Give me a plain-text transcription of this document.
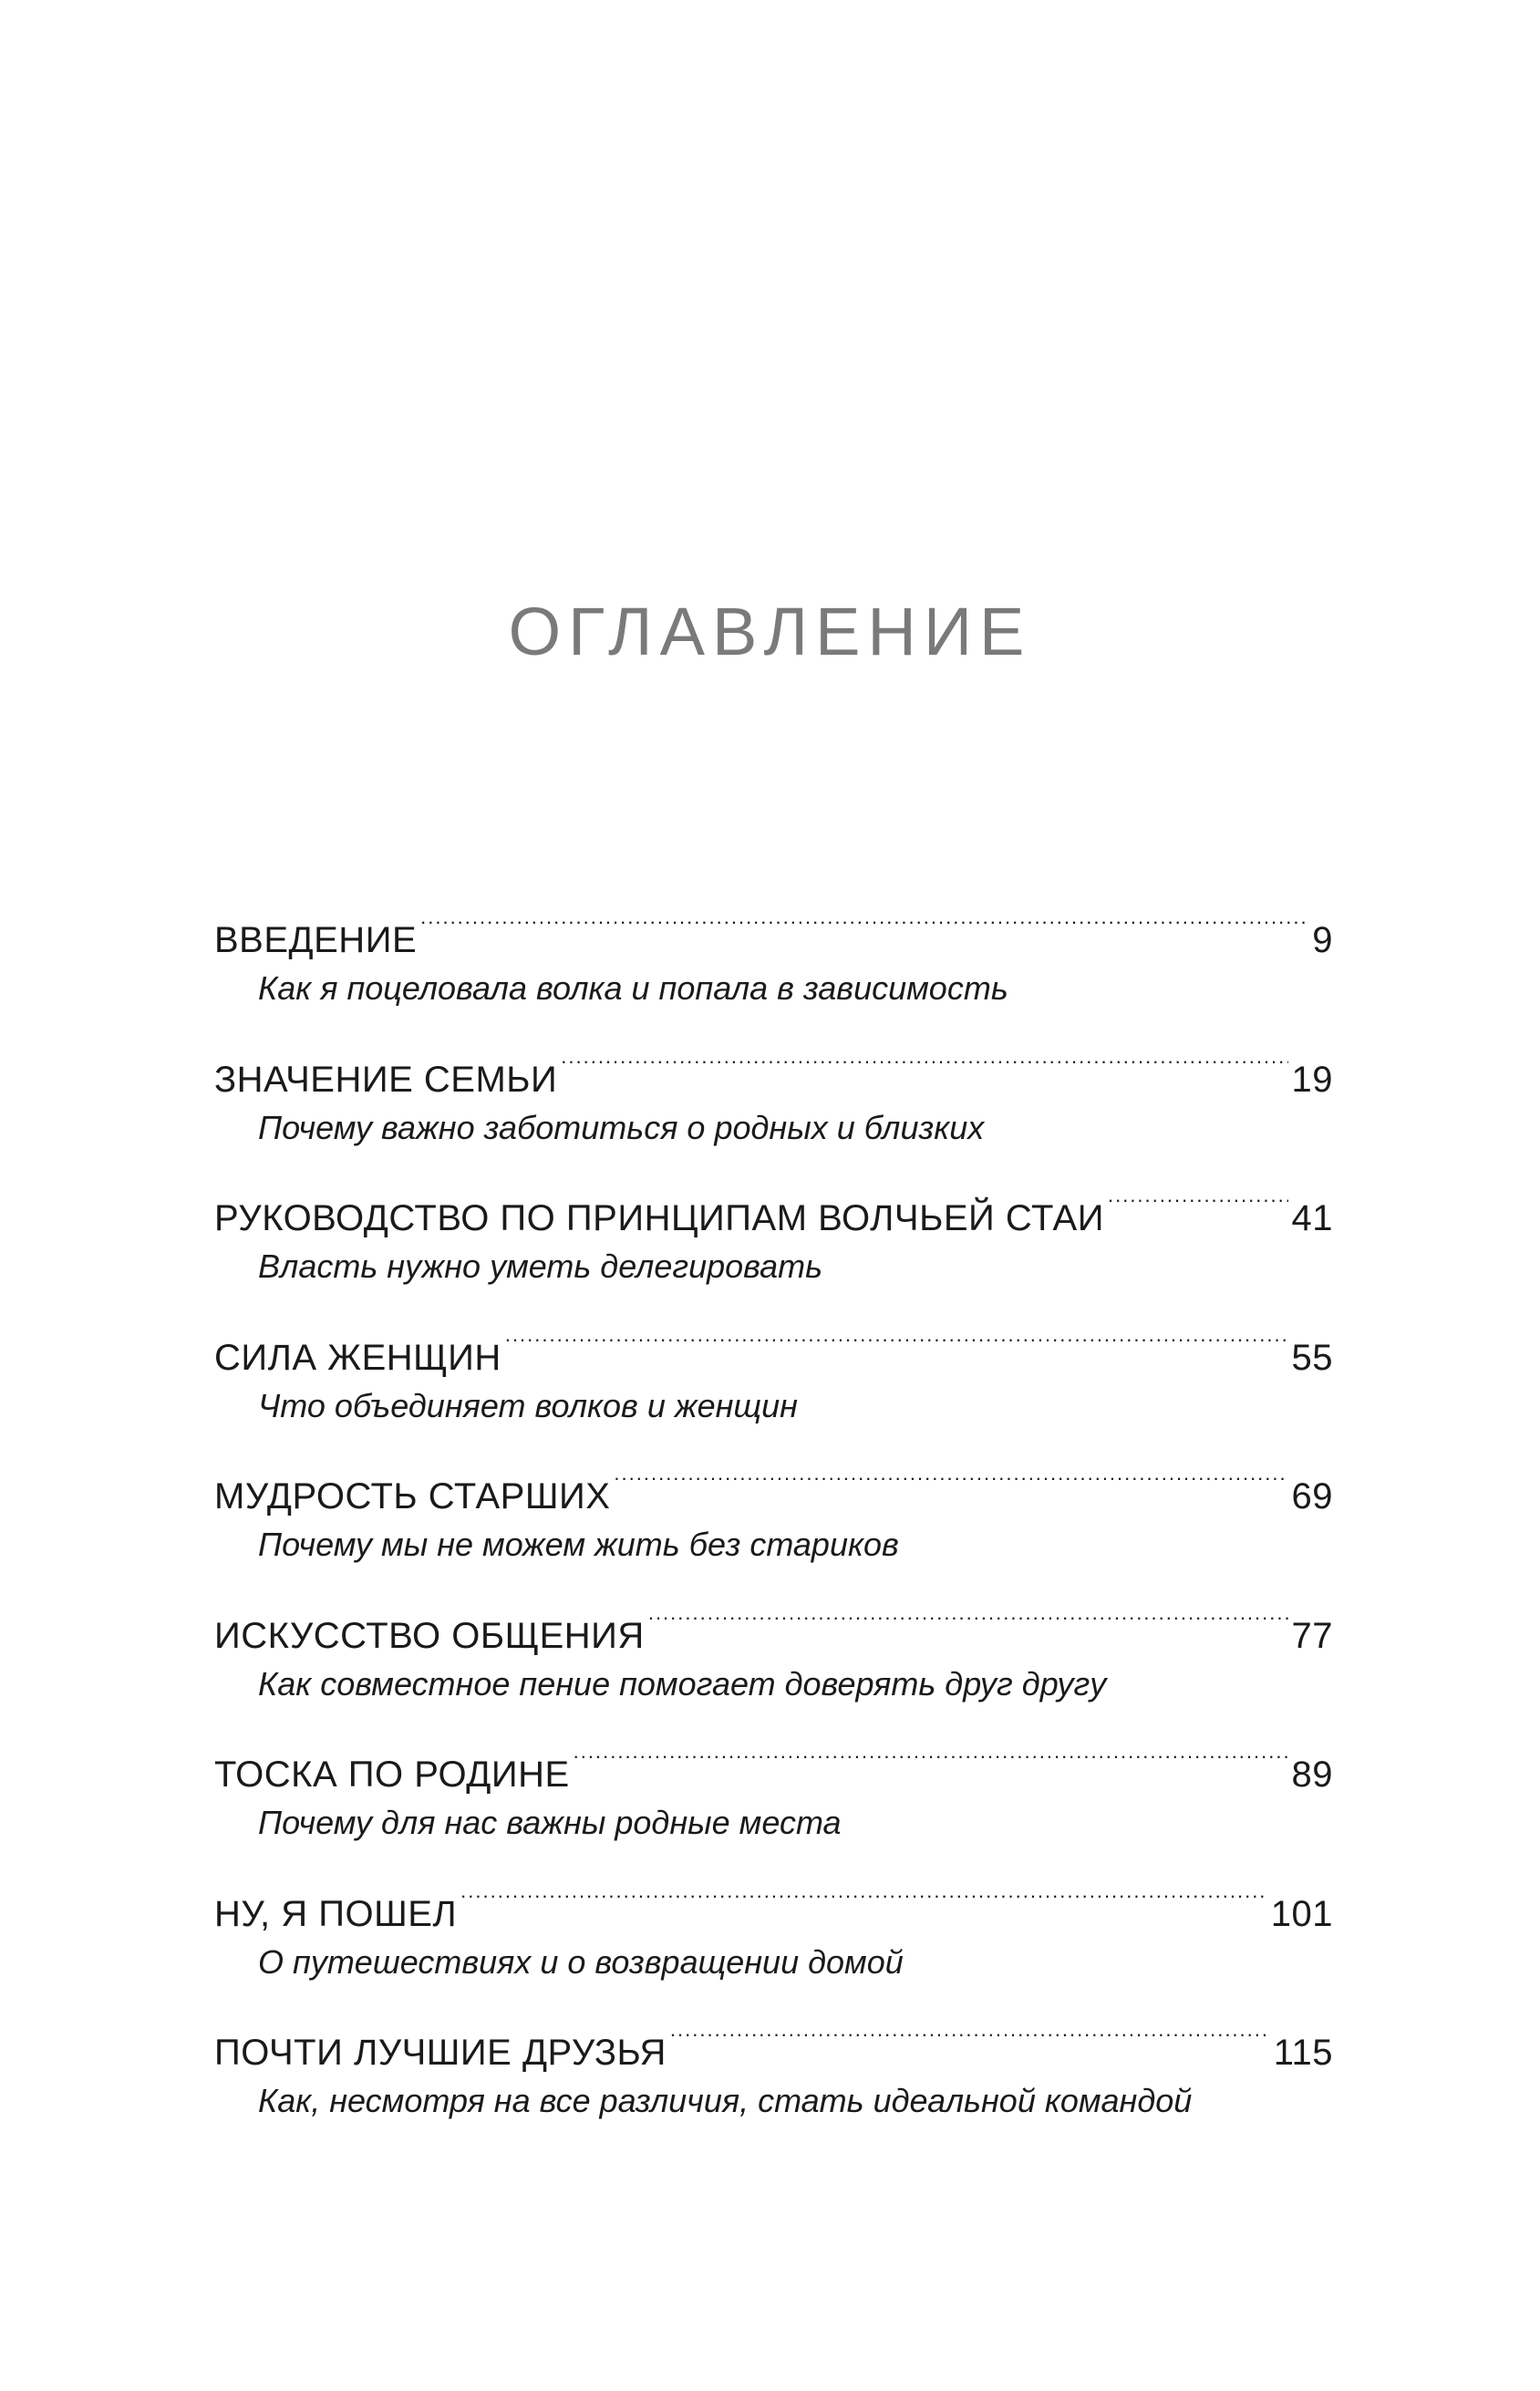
ОГЛАВЛЕНИЕ
ВВЕДЕНИЕ .....	9
Как я поцеловала волка и попала в зависимость
ЗНАЧЕНИЕ СЕМЬИ .....	19
Почему важно заботиться о родных и близких
РУКОВОДСТВО ПО ПРИНЦИПАМ ВОЛЧЬЕЙ СТАИ .....	41
Власть нужно уметь делегировать
СИЛА ЖЕНЩИН .....	55
Что объединяет волков и женщин
МУДРОСТЬ СТАРШИХ .....	69
Почему мы не можем жить без стариков
ИСКУССТВО ОБЩЕНИЯ .....	77
Как совместное пение помогает доверять друг другу
ТОСКА ПО РОДИНЕ .....	89
Почему для нас важны родные места
НУ, Я ПОШЕЛ .....	101
О путешествиях и о возвращении домой
ПОЧТИ ЛУЧШИЕ ДРУЗЬЯ .....	115
Как, несмотря на все различия, стать идеальной командой
